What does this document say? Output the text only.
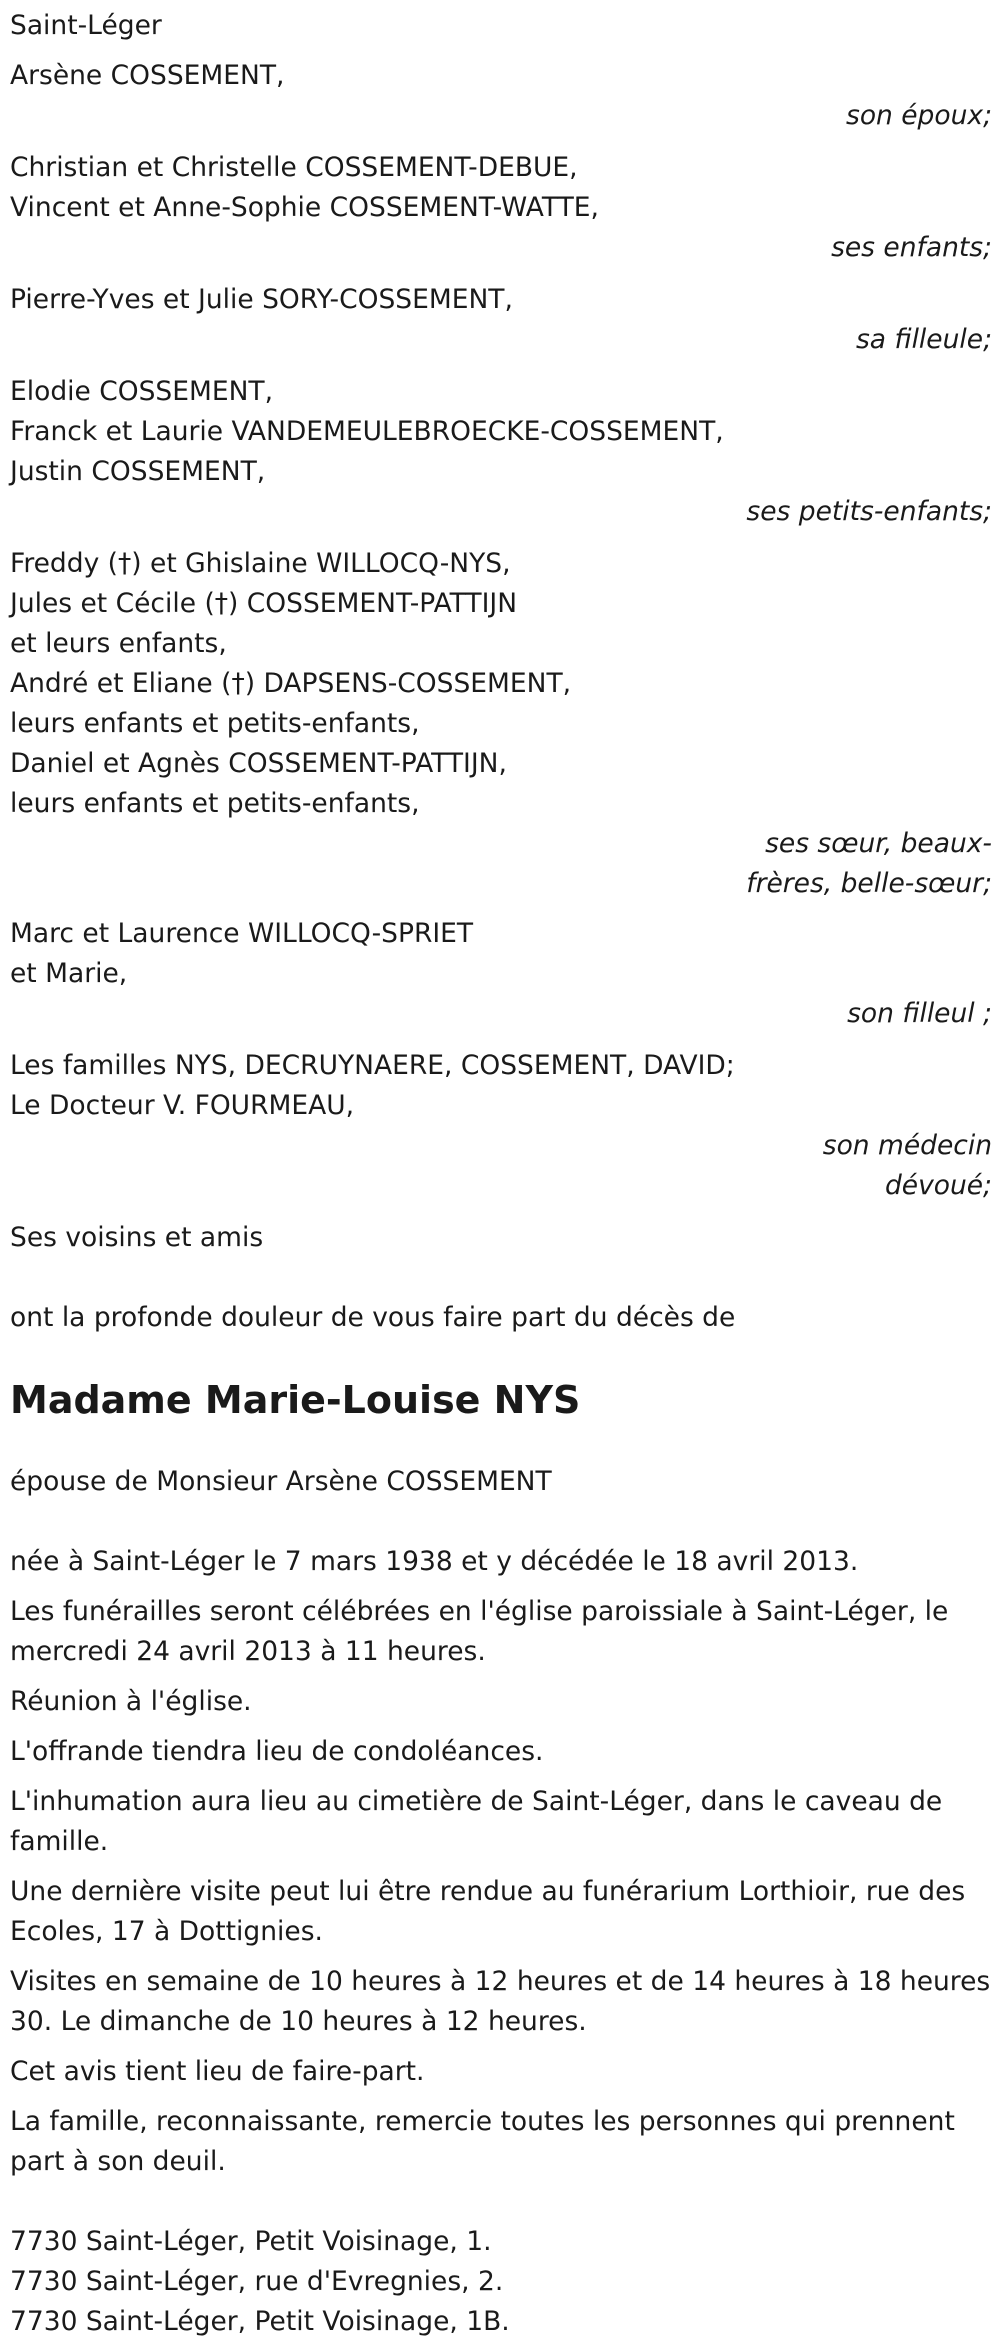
Saint-Léger
Arsène COSSEMENT,
son époux;
Christian et Christelle COSSEMENT-DEBUE,
Vincent et Anne-Sophie COSSEMENT-WATTE,
ses enfants;
Pierre-Yves et Julie SORY-COSSEMENT,
sa filleule;
Elodie COSSEMENT,
Franck et Laurie VANDEMEULEBROECKE-COSSEMENT,
Justin COSSEMENT,
ses petits-enfants;
Freddy (†) et Ghislaine WILLOCQ-NYS,
Jules et Cécile (†) COSSEMENT-PATTIJN
et leurs enfants,
André et Eliane (†) DAPSENS-COSSEMENT,
leurs enfants et petits-enfants,
Daniel et Agnès COSSEMENT-PATTIJN,
leurs enfants et petits-enfants,
ses sœur, beaux-
frères, belle-sœur;
Marc et Laurence WILLOCQ-SPRIET
et Marie,
son filleul ;
Les familles NYS, DECRUYNAERE, COSSEMENT, DAVID;
Le Docteur V. FOURMEAU,
son médecin
dévoué;
Ses voisins et amis
ont la profonde douleur de vous faire part du décès de
Madame Marie-Louise NYS
épouse de Monsieur Arsène COSSEMENT
née à Saint-Léger le 7 mars 1938 et y décédée le 18 avril 2013.
Les funérailles seront célébrées en l'église paroissiale à Saint-Léger, le mercredi 24 avril 2013 à 11 heures.
Réunion à l'église.
L'offrande tiendra lieu de condoléances.
L'inhumation aura lieu au cimetière de Saint-Léger, dans le caveau de famille.
Une dernière visite peut lui être rendue au funérarium Lorthioir, rue des Ecoles, 17 à Dottignies.
Visites en semaine de 10 heures à 12 heures et de 14 heures à 18 heures 30. Le dimanche de 10 heures à 12 heures.
Cet avis tient lieu de faire-part.
La famille, reconnaissante, remercie toutes les personnes qui prennent part à son deuil.
7730 Saint-Léger, Petit Voisinage, 1.
7730 Saint-Léger, rue d'Evregnies, 2.
7730 Saint-Léger, Petit Voisinage, 1B.
